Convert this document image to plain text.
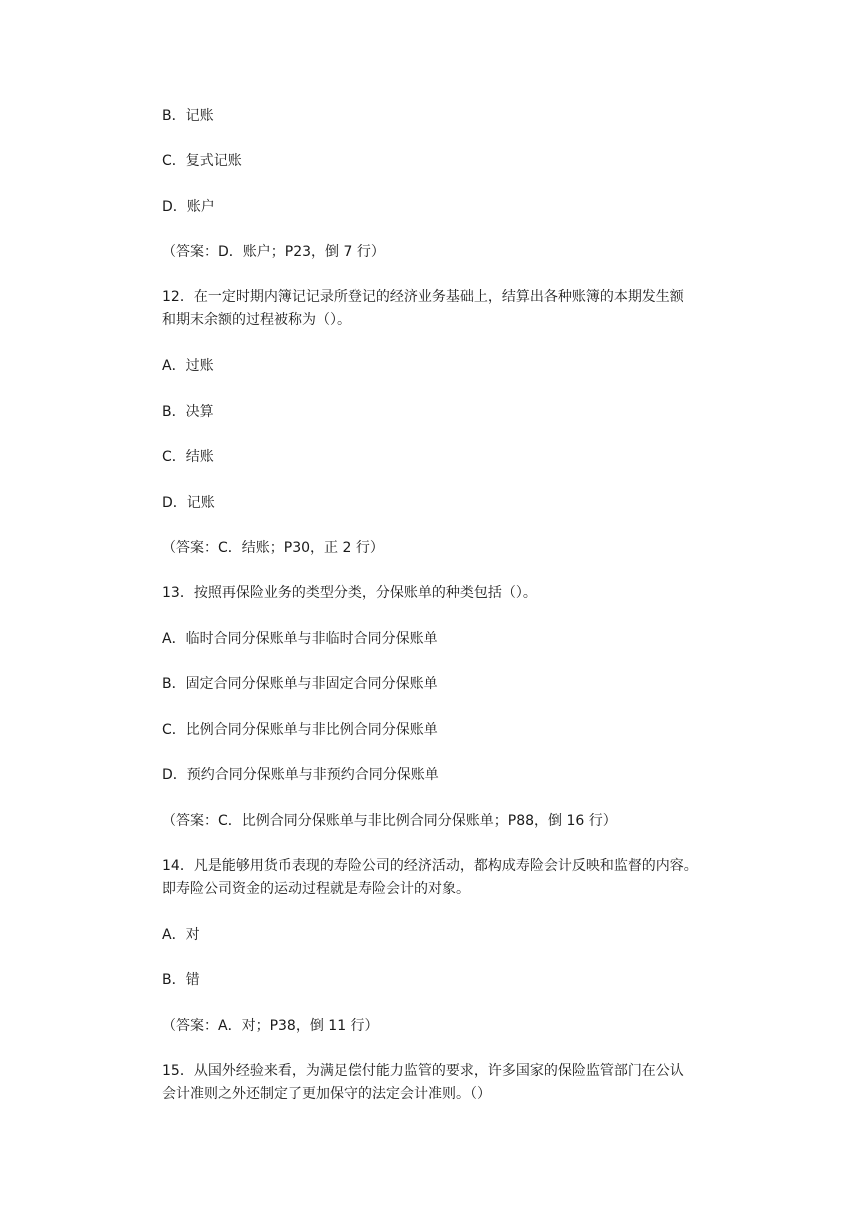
B．记账
C．复式记账
D．账户
（答案：D．账户；P23，倒 7 行）

12．在一定时期内簿记记录所登记的经济业务基础上，结算出各种账簿的本期发生额

和期末余额的过程被称为（）。

A．过账
B．决算
C．结账
D．记账
（答案：C．结账；P30，正 2 行）
13．按照再保险业务的类型分类，分保账单的种类包括（）。
A．临时合同分保账单与非临时合同分保账单
B．固定合同分保账单与非固定合同分保账单
C．比例合同分保账单与非比例合同分保账单
D．预约合同分保账单与非预约合同分保账单
（答案：C．比例合同分保账单与非比例合同分保账单；P88，倒 16 行）

14．凡是能够用货币表现的寿险公司的经济活动，都构成寿险会计反映和监督的内容。

即寿险公司资金的运动过程就是寿险会计的对象。

A．对
B．错
（答案：A．对；P38，倒 11 行）

15．从国外经验来看，为满足偿付能力监管的要求，许多国家的保险监管部门在公认

会计准则之外还制定了更加保守的法定会计准则。（）
